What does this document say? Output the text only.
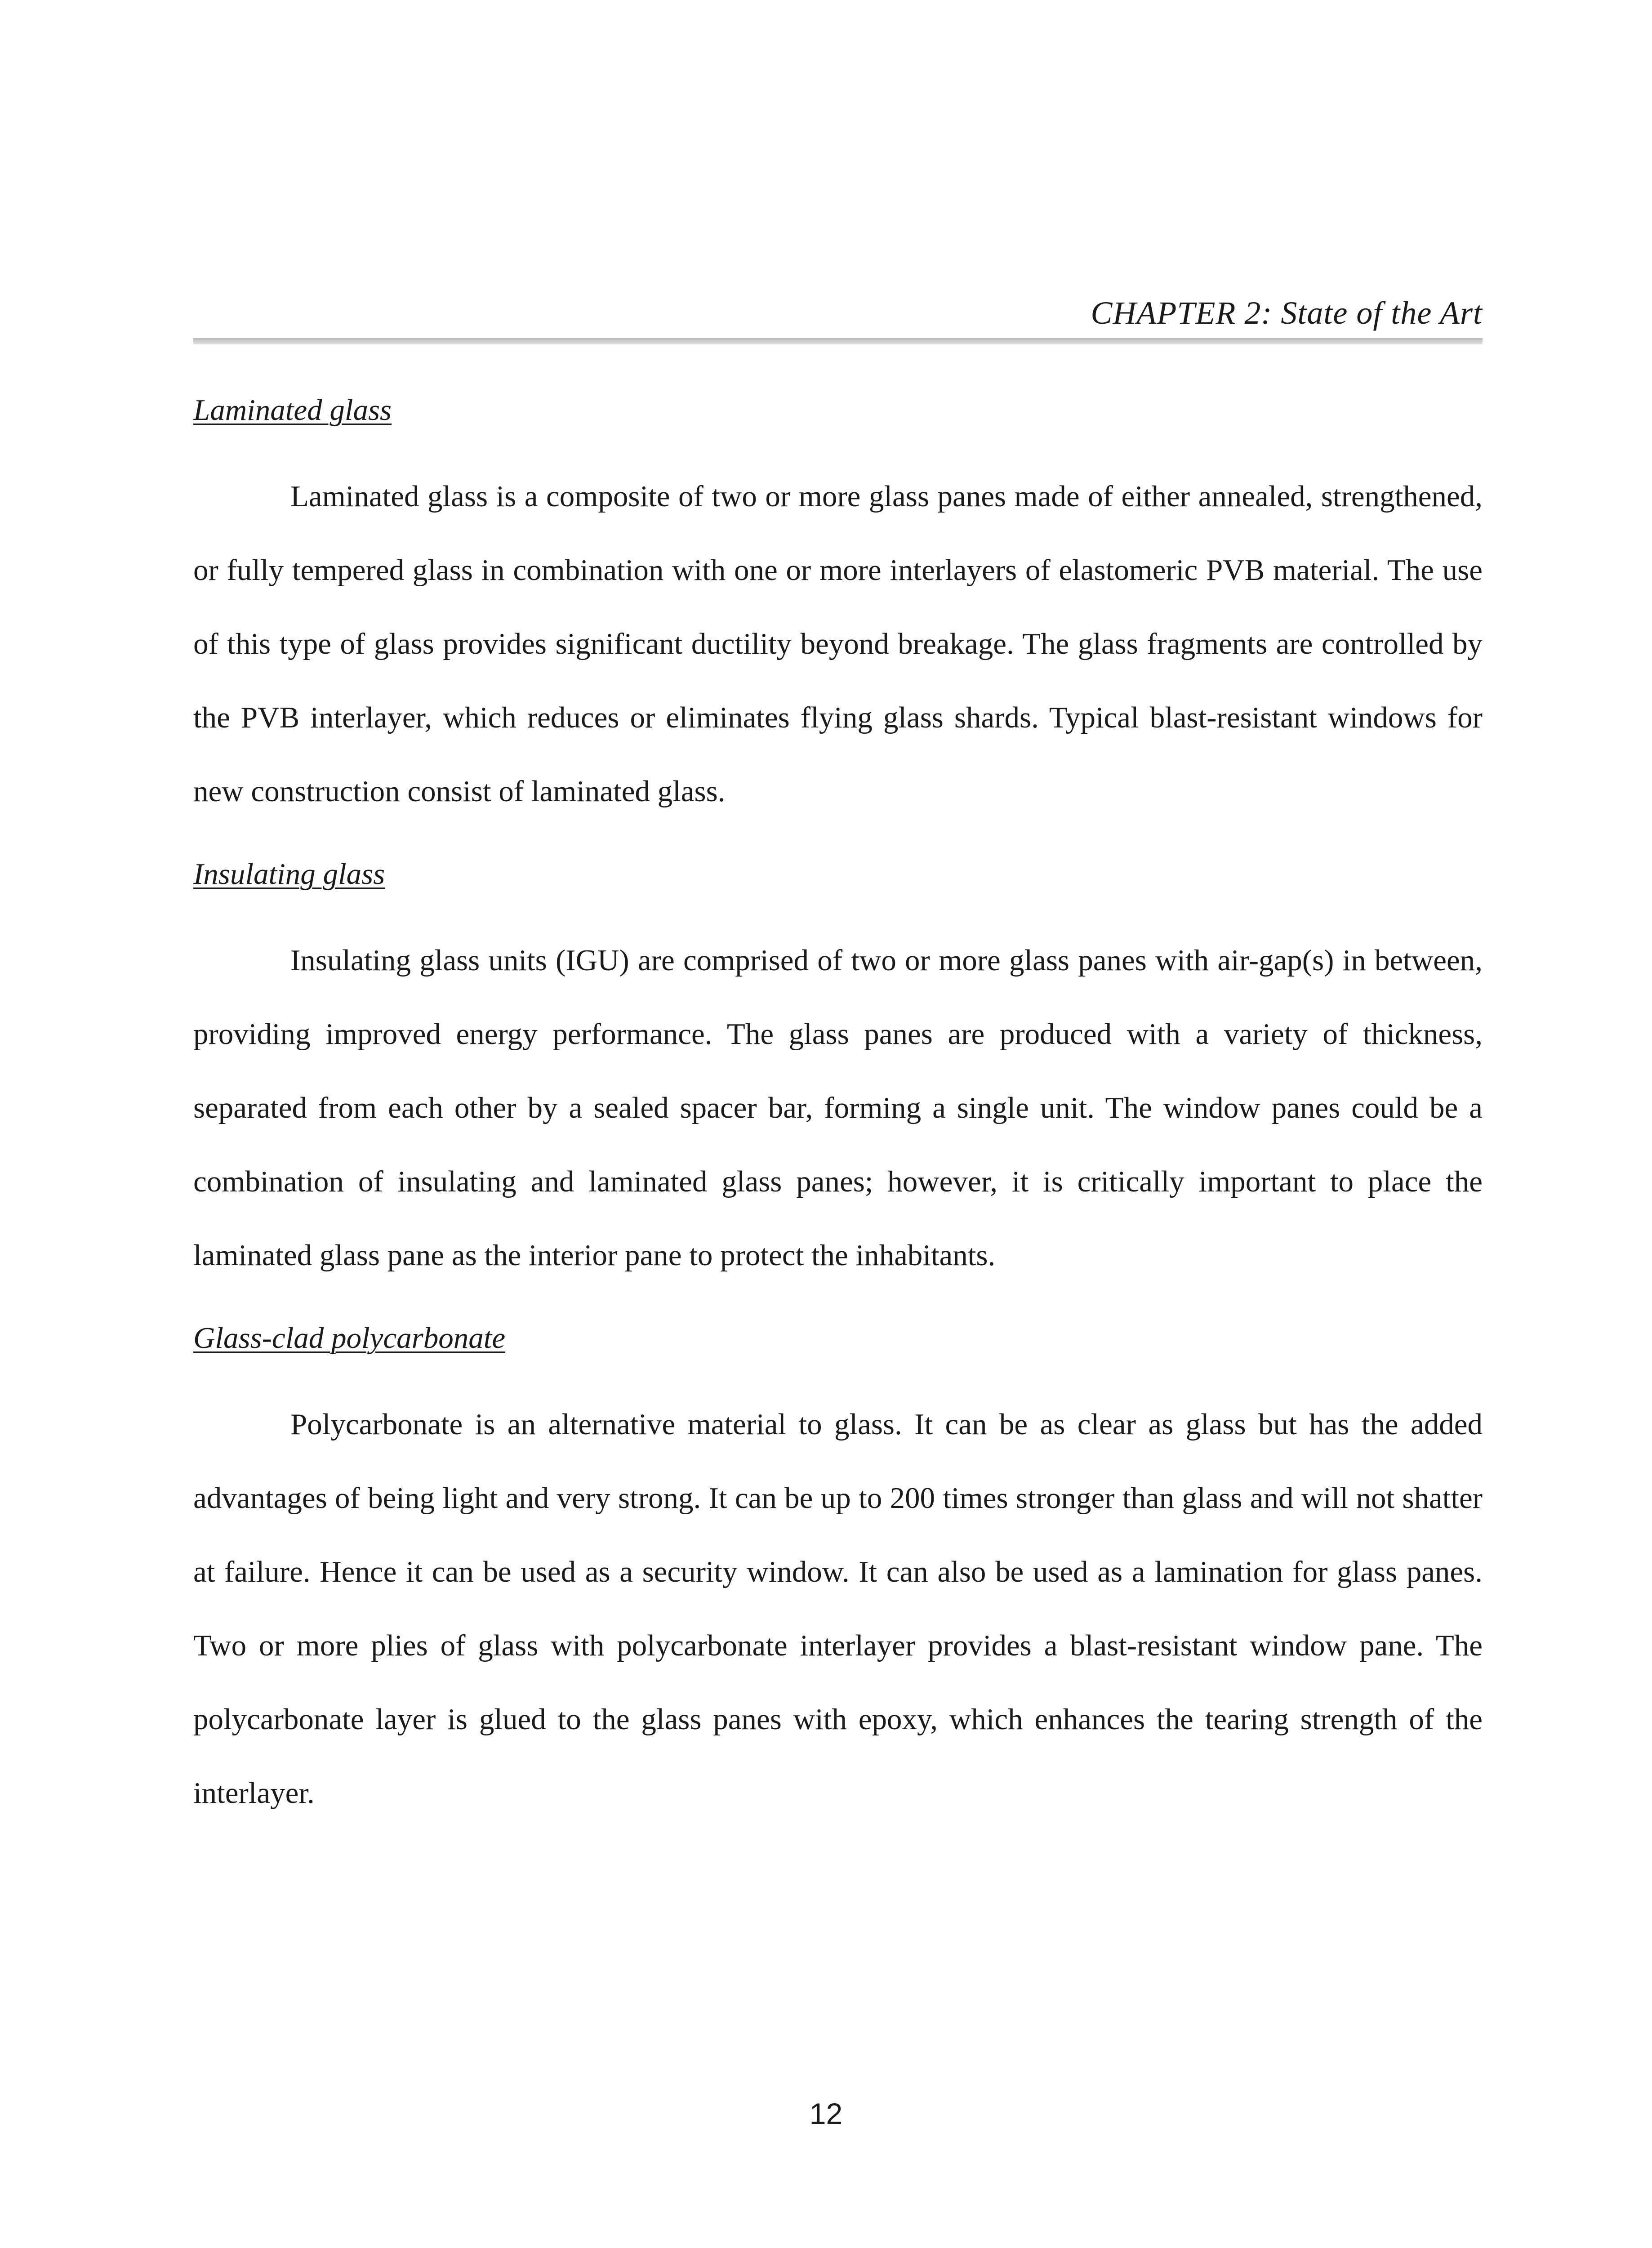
CHAPTER 2: State of the Art

Laminated glass

Laminated glass is a composite of two or more glass panes made of either annealed, strengthened, or fully tempered glass in combination with one or more interlayers of elastomeric PVB material. The use of this type of glass provides significant ductility beyond breakage. The glass fragments are controlled by the PVB interlayer, which reduces or eliminates flying glass shards. Typical blast-resistant windows for new construction consist of laminated glass.

Insulating glass

Insulating glass units (IGU) are comprised of two or more glass panes with air-gap(s) in between, providing improved energy performance. The glass panes are produced with a variety of thickness, separated from each other by a sealed spacer bar, forming a single unit. The window panes could be a combination of insulating and laminated glass panes; however, it is critically important to place the laminated glass pane as the interior pane to protect the inhabitants.

Glass-clad polycarbonate

Polycarbonate is an alternative material to glass. It can be as clear as glass but has the added advantages of being light and very strong. It can be up to 200 times stronger than glass and will not shatter at failure. Hence it can be used as a security window. It can also be used as a lamination for glass panes. Two or more plies of glass with polycarbonate interlayer provides a blast-resistant window pane. The polycarbonate layer is glued to the glass panes with epoxy, which enhances the tearing strength of the interlayer.

12
